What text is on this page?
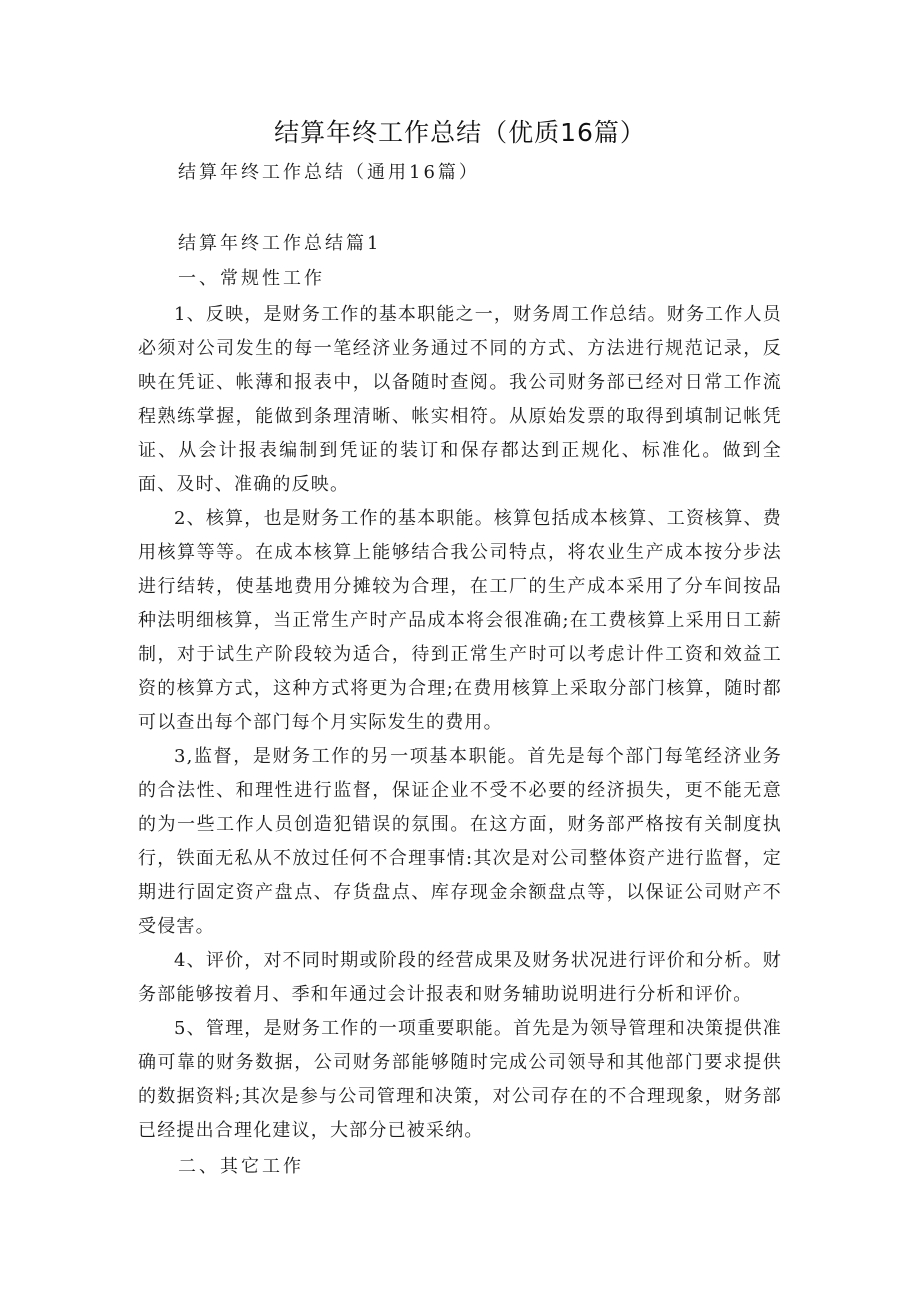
结算年终工作总结（优质16篇）
结算年终工作总结（通用16篇）
结算年终工作总结篇1
一、常规性工作

1、反映，是财务工作的基本职能之一，财务周工作总结。财务工作人员必须对公司发生的每一笔经济业务通过不同的方式、方法进行规范记录，反映在凭证、帐薄和报表中，以备随时查阅。我公司财务部已经对日常工作流程熟练掌握，能做到条理清晰、帐实相符。从原始发票的取得到填制记帐凭证、从会计报表编制到凭证的装订和保存都达到正规化、标准化。做到全面、及时、准确的反映。

2、核算，也是财务工作的基本职能。核算包括成本核算、工资核算、费用核算等等。在成本核算上能够结合我公司特点，将农业生产成本按分步法进行结转，使基地费用分摊较为合理，在工厂的生产成本采用了分车间按品种法明细核算，当正常生产时产品成本将会很准确;在工费核算上采用日工薪制，对于试生产阶段较为适合，待到正常生产时可以考虑计件工资和效益工资的核算方式，这种方式将更为合理;在费用核算上采取分部门核算，随时都可以查出每个部门每个月实际发生的费用。

3,监督，是财务工作的另一项基本职能。首先是每个部门每笔经济业务的合法性、和理性进行监督，保证企业不受不必要的经济损失，更不能无意的为一些工作人员创造犯错误的氛围。在这方面，财务部严格按有关制度执行，铁面无私从不放过任何不合理事情:其次是对公司整体资产进行监督，定期进行固定资产盘点、存货盘点、库存现金余额盘点等，以保证公司财产不受侵害。

4、评价，对不同时期或阶段的经营成果及财务状况进行评价和分析。财务部能够按着月、季和年通过会计报表和财务辅助说明进行分析和评价。

5、管理，是财务工作的一项重要职能。首先是为领导管理和决策提供准确可靠的财务数据，公司财务部能够随时完成公司领导和其他部门要求提供的数据资料;其次是参与公司管理和决策，对公司存在的不合理现象，财务部已经提出合理化建议，大部分已被采纳。

二、其它工作
